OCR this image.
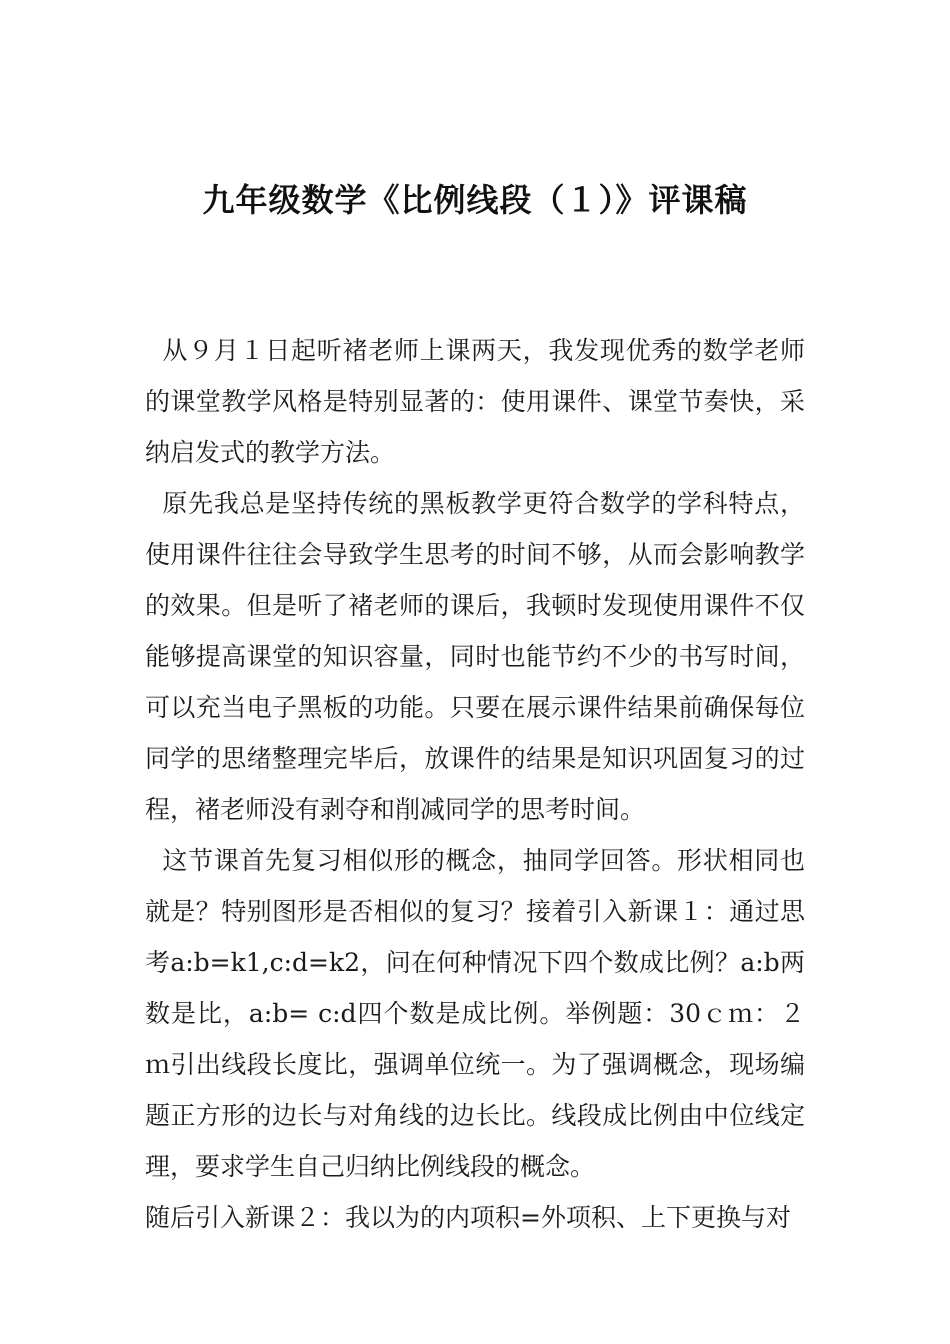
九年级数学《比例线段（１）》评课稿

从９月１日起听褚老师上课两天，我发现优秀的数学老师的课堂教学风格是特别显著的：使用课件、课堂节奏快，采纳启发式的教学方法。

原先我总是坚持传统的黑板教学更符合数学的学科特点，使用课件往往会导致学生思考的时间不够，从而会影响教学的效果。但是听了褚老师的课后，我顿时发现使用课件不仅能够提高课堂的知识容量，同时也能节约不少的书写时间，可以充当电子黑板的功能。只要在展示课件结果前确保每位同学的思绪整理完毕后，放课件的结果是知识巩固复习的过程，褚老师没有剥夺和削减同学的思考时间。

这节课首先复习相似形的概念，抽同学回答。形状相同也就是？特别图形是否相似的复习？接着引入新课１：通过思考a:b=k1,c:d=k2，问在何种情况下四个数成比例？a:b两数是比，a:b= c:d四个数是成比例。举例题：30ｃｍ：２ｍ引出线段长度比，强调单位统一。为了强调概念，现场编题正方形的边长与对角线的边长比。线段成比例由中位线定理，要求学生自己归纳比例线段的概念。

随后引入新课２：我以为的内项积=外项积、上下更换与对
